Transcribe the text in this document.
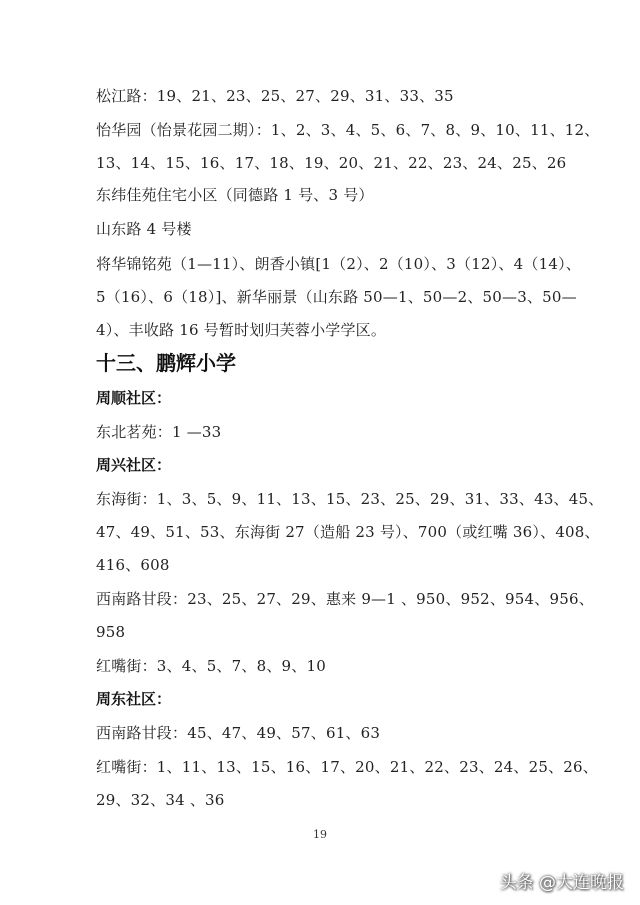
松江路：19、21、23、25、27、29、31、33、35
怡华园（怡景花园二期）：1、2、3、4、5、6、7、8、9、10、11、12、
13、14、15、16、17、18、19、20、21、22、23、24、25、26
东纬佳苑住宅小区（同德路 1 号、3 号）
山东路 4 号楼
将华锦铭苑（1—11）、朗香小镇[1（2）、2（10）、3（12）、4（14）、
5（16）、6（18）]、新华丽景（山东路 50—1、50—2、50—3、50—
4）、丰收路 16 号暂时划归芙蓉小学学区。
十三、鹏辉小学
周顺社区：
东北茗苑：1 —33
周兴社区：
东海街：1、3、5、9、11、13、15、23、25、29、31、33、43、45、
47、49、51、53、东海街 27（造船 23 号）、700（或红嘴 36）、408、
416、608
西南路甘段：23、25、27、29、惠来 9—1 、950、952、954、956、
958
红嘴街：3、4、5、7、8、9、10
周东社区：
西南路甘段：45、47、49、57、61、63
红嘴街：1、11、13、15、16、17、20、21、22、23、24、25、26、
29、32、34 、36
19
头条 @大连晚报
